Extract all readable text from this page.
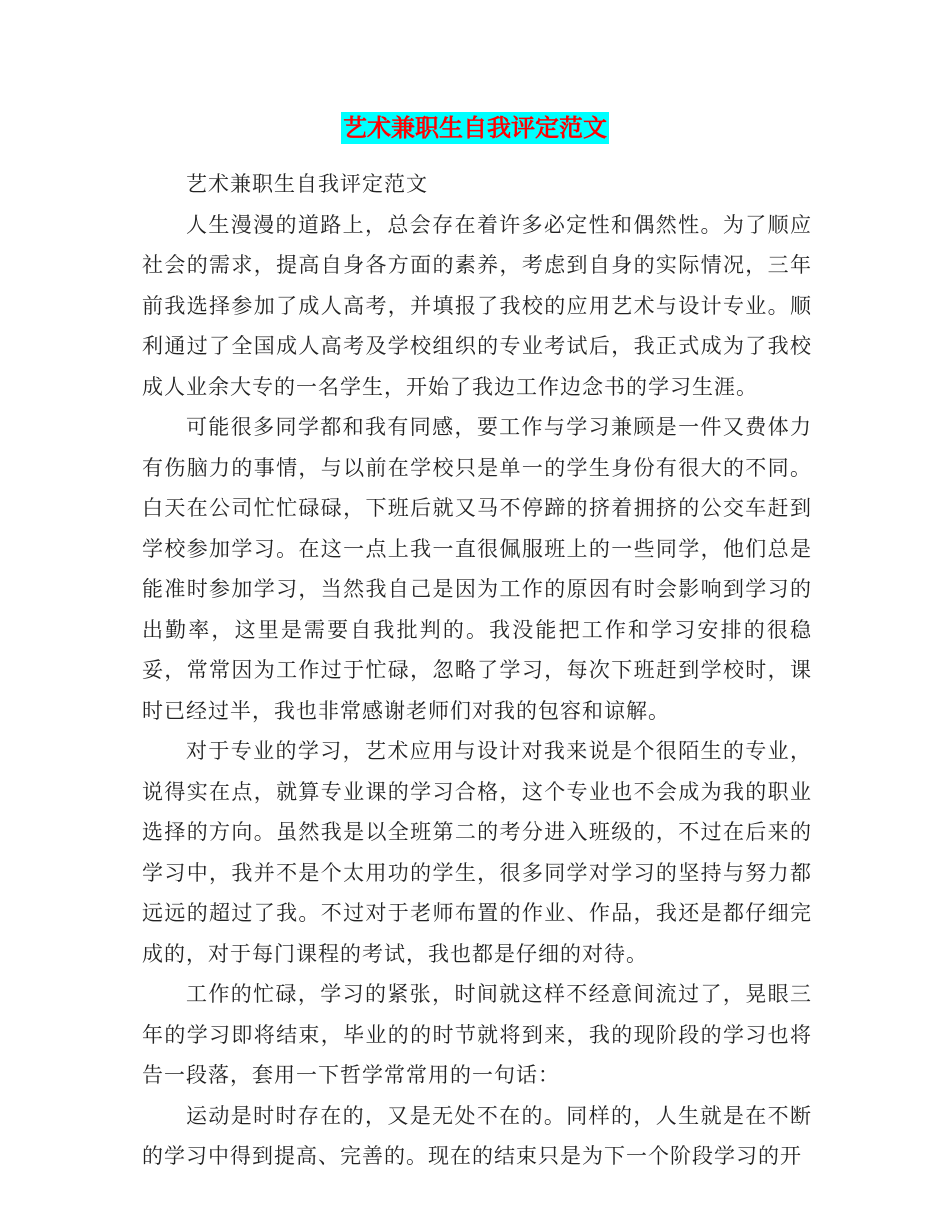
艺术兼职生自我评定范文

艺术兼职生自我评定范文

人生漫漫的道路上，总会存在着许多必定性和偶然性。为了顺应社会的需求，提高自身各方面的素养，考虑到自身的实际情况，三年前我选择参加了成人高考，并填报了我校的应用艺术与设计专业。顺利通过了全国成人高考及学校组织的专业考试后，我正式成为了我校成人业余大专的一名学生，开始了我边工作边念书的学习生涯。

可能很多同学都和我有同感，要工作与学习兼顾是一件又费体力有伤脑力的事情，与以前在学校只是单一的学生身份有很大的不同。白天在公司忙忙碌碌，下班后就又马不停蹄的挤着拥挤的公交车赶到学校参加学习。在这一点上我一直很佩服班上的一些同学，他们总是能准时参加学习，当然我自己是因为工作的原因有时会影响到学习的出勤率，这里是需要自我批判的。我没能把工作和学习安排的很稳妥，常常因为工作过于忙碌，忽略了学习，每次下班赶到学校时，课时已经过半，我也非常感谢老师们对我的包容和谅解。

对于专业的学习，艺术应用与设计对我来说是个很陌生的专业，说得实在点，就算专业课的学习合格，这个专业也不会成为我的职业选择的方向。虽然我是以全班第二的考分进入班级的，不过在后来的学习中，我并不是个太用功的学生，很多同学对学习的坚持与努力都远远的超过了我。不过对于老师布置的作业、作品，我还是都仔细完成的，对于每门课程的考试，我也都是仔细的对待。

工作的忙碌，学习的紧张，时间就这样不经意间流过了，晃眼三年的学习即将结束，毕业的的时节就将到来，我的现阶段的学习也将告一段落，套用一下哲学常常用的一句话：

运动是时时存在的，又是无处不在的。同样的，人生就是在不断的学习中得到提高、完善的。现在的结束只是为下一个阶段学习的开
